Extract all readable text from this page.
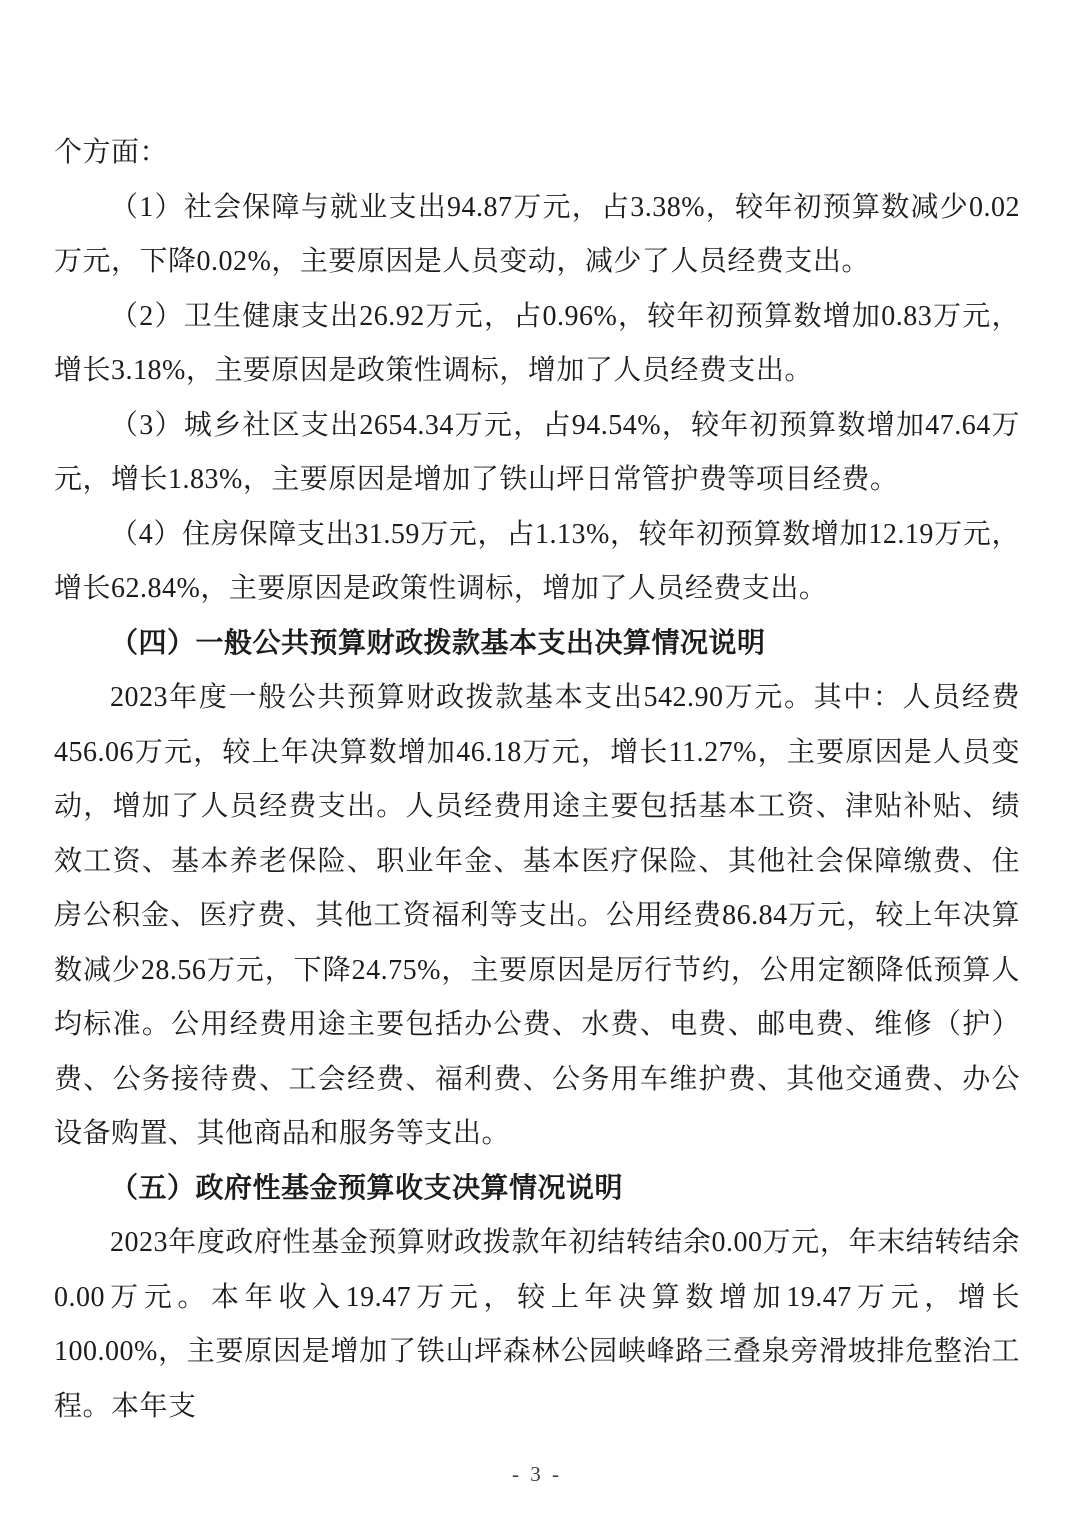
个方面：

（1）社会保障与就业支出94.87万元，占3.38%，较年初预算数减少0.02万元，下降0.02%，主要原因是人员变动，减少了人员经费支出。

（2）卫生健康支出26.92万元，占0.96%，较年初预算数增加0.83万元，增长3.18%，主要原因是政策性调标，增加了人员经费支出。

（3）城乡社区支出2654.34万元，占94.54%，较年初预算数增加47.64万元，增长1.83%，主要原因是增加了铁山坪日常管护费等项目经费。

（4）住房保障支出31.59万元，占1.13%，较年初预算数增加12.19万元，增长62.84%，主要原因是政策性调标，增加了人员经费支出。

（四）一般公共预算财政拨款基本支出决算情况说明

2023年度一般公共预算财政拨款基本支出542.90万元。其中：人员经费456.06万元，较上年决算数增加46.18万元，增长11.27%，主要原因是人员变动，增加了人员经费支出。人员经费用途主要包括基本工资、津贴补贴、绩效工资、基本养老保险、职业年金、基本医疗保险、其他社会保障缴费、住房公积金、医疗费、其他工资福利等支出。公用经费86.84万元，较上年决算数减少28.56万元，下降24.75%，主要原因是厉行节约，公用定额降低预算人均标准。公用经费用途主要包括办公费、水费、电费、邮电费、维修（护）费、公务接待费、工会经费、福利费、公务用车维护费、其他交通费、办公设备购置、其他商品和服务等支出。

（五）政府性基金预算收支决算情况说明

2023年度政府性基金预算财政拨款年初结转结余0.00万元，年末结转结余0.00万元。本年收入19.47万元，较上年决算数增加19.47万元，增长100.00%，主要原因是增加了铁山坪森林公园峡峰路三叠泉旁滑坡排危整治工程。本年支

- 3 -
